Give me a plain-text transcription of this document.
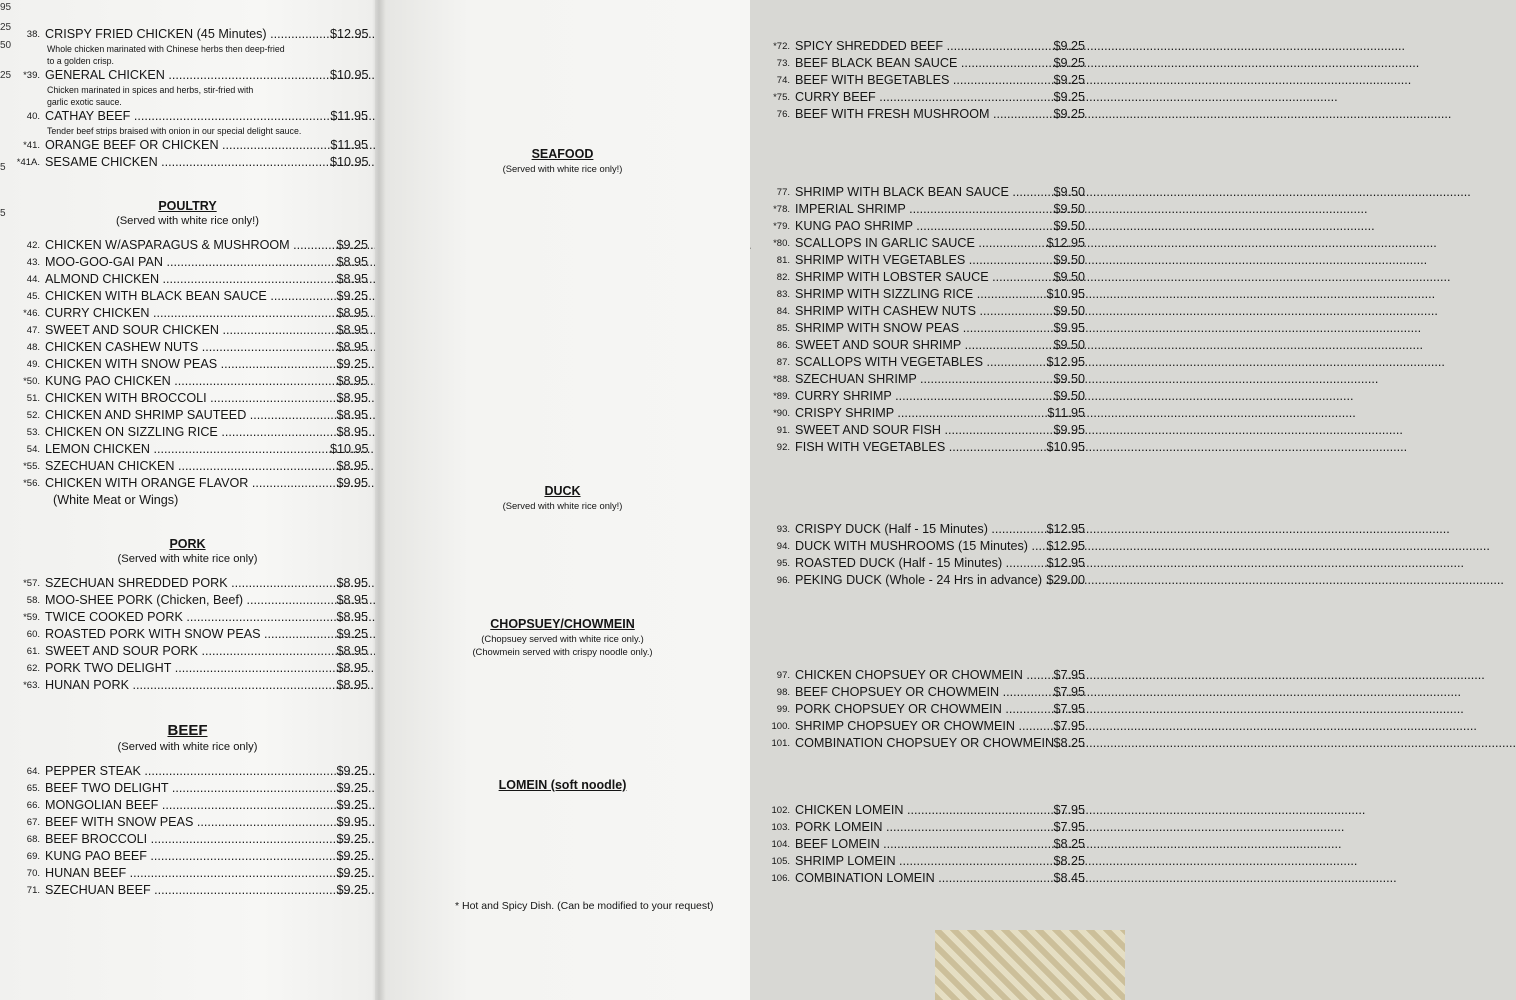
95
25
50
25
5
5
38. CRISPY FRIED CHICKEN (45 Minutes) .....	$12.95
Whole chicken marinated with Chinese herbs then deep-fried
to a golden crisp.
*39. GENERAL CHICKEN .....	$10.95
Chicken marinated in spices and herbs, stir-fried with
garlic exotic sauce.
40. CATHAY BEEF .....	$11.95
Tender beef strips braised with onion in our special delight sauce.
*41. ORANGE BEEF OR CHICKEN .....	$11.95
*41A. SESAME CHICKEN .....	$10.95
POULTRY
(Served with white rice only!)
42. CHICKEN W/ASPARAGUS & MUSHROOM .....	$9.25
43. MOO-GOO-GAI PAN .....	$8.95
44. ALMOND CHICKEN .....	$8.95
45. CHICKEN WITH BLACK BEAN SAUCE .....	$9.25
*46. CURRY CHICKEN .....	$8.95
47. SWEET AND SOUR CHICKEN .....	$8.95
48. CHICKEN CASHEW NUTS .....	$8.95
49. CHICKEN WITH SNOW PEAS .....	$9.25
*50. KUNG PAO CHICKEN .....	$8.95
51. CHICKEN WITH BROCCOLI .....	$8.95
52. CHICKEN AND SHRIMP SAUTEED .....	$8.95
53. CHICKEN ON SIZZLING RICE .....	$8.95
54. LEMON CHICKEN .....	$10.95
*55. SZECHUAN CHICKEN .....	$8.95
*56. CHICKEN WITH ORANGE FLAVOR .....	$9.95
(White Meat or Wings)
PORK
(Served with white rice only)
*57. SZECHUAN SHREDDED PORK .....	$8.95
58. MOO-SHEE PORK (Chicken, Beef) .....	$8.95
*59. TWICE COOKED PORK .....	$8.95
60. ROASTED PORK WITH SNOW PEAS .....	$9.25
61. SWEET AND SOUR PORK .....	$8.95
62. PORK TWO DELIGHT .....	$8.95
*63. HUNAN PORK .....	$8.95
BEEF
(Served with white rice only)
64. PEPPER STEAK .....	$9.25
65. BEEF TWO DELIGHT .....	$9.25
66. MONGOLIAN BEEF .....	$9.25
67. BEEF WITH SNOW PEAS .....	$9.95
68. BEEF BROCCOLI .....	$9.25
69. KUNG PAO BEEF .....	$9.25
70. HUNAN BEEF .....	$9.25
71. SZECHUAN BEEF .....	$9.25
*72. SPICY SHREDDED BEEF .....	$9.25
73. BEEF BLACK BEAN SAUCE .....	$9.25
74. BEEF WITH BEGETABLES .....	$9.25
*75. CURRY BEEF .....	$9.25
76. BEEF WITH FRESH MUSHROOM .....	$9.25
SEAFOOD
(Served with white rice only!)
77. SHRIMP WITH BLACK BEAN SAUCE .....	$9.50
*78. IMPERIAL SHRIMP .....	$9.50
*79. KUNG PAO SHRIMP .....	$9.50
*80. SCALLOPS IN GARLIC SAUCE .....	$12.95
81. SHRIMP WITH VEGETABLES .....	$9.50
82. SHRIMP WITH LOBSTER SAUCE .....	$9.50
83. SHRIMP WITH SIZZLING RICE .....	$10.95
84. SHRIMP WITH CASHEW NUTS .....	$9.50
85. SHRIMP WITH SNOW PEAS .....	$9.95
86. SWEET AND SOUR SHRIMP .....	$9.50
87. SCALLOPS WITH VEGETABLES .....	$12.95
*88. SZECHUAN SHRIMP .....	$9.50
*89. CURRY SHRIMP .....	$9.50
*90. CRISPY SHRIMP .....	$11.95
91. SWEET AND SOUR FISH .....	$9.95
92. FISH WITH VEGETABLES .....	$10.95
DUCK
(Served with white rice only!)
93. CRISPY DUCK (Half - 15 Minutes) .....	$12.95
94. DUCK WITH MUSHROOMS (15 Minutes) .....	$12.95
95. ROASTED DUCK (Half - 15 Minutes) .....	$12.95
96. PEKING DUCK (Whole - 24 Hrs in advance) ..... $29.00
CHOPSUEY/CHOWMEIN
(Chopsuey served with white rice only.)
(Chowmein served with crispy noodle only.)
97. CHICKEN CHOPSUEY OR CHOWMEIN .....	$7.95
98. BEEF CHOPSUEY OR CHOWMEIN .....	$7.95
99. PORK CHOPSUEY OR CHOWMEIN .....	$7.95
100. SHRIMP CHOPSUEY OR CHOWMEIN .....	$7.95
101. COMBINATION CHOPSUEY OR CHOWMEIN ..... $8.25
LOMEIN (soft noodle)
102. CHICKEN LOMEIN .....	$7.95
103. PORK LOMEIN .....	$7.95
104. BEEF LOMEIN .....	$8.25
105. SHRIMP LOMEIN .....	$8.25
106. COMBINATION LOMEIN .....	$8.45
* Hot and Spicy Dish. (Can be modified to your request)
